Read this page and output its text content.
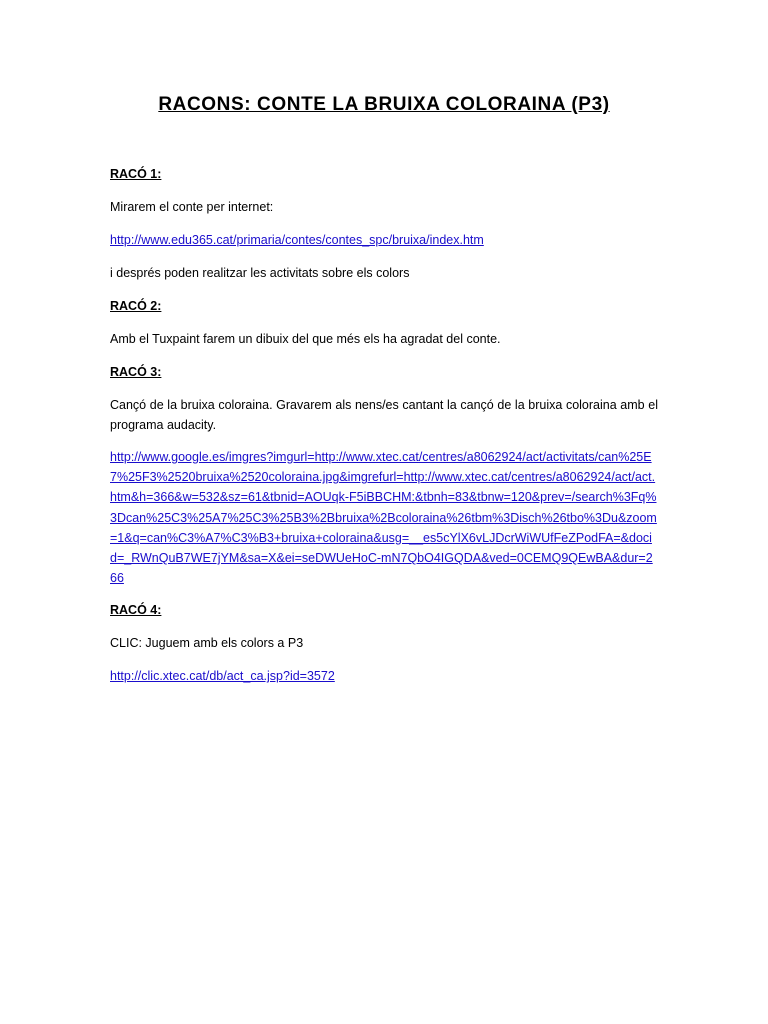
RACONS: CONTE LA BRUIXA COLORAINA (P3)
RACÓ 1:
Mirarem el conte per internet:
http://www.edu365.cat/primaria/contes/contes_spc/bruixa/index.htm
i després poden realitzar les activitats sobre els colors
RACÓ 2:
Amb el Tuxpaint farem un dibuix del que més els ha agradat del conte.
RACÓ 3:
Cançó de la bruixa coloraina. Gravarem als nens/es cantant la cançó de la bruixa coloraina amb el programa audacity.
http://www.google.es/imgres?imgurl=http://www.xtec.cat/centres/a8062924/act/activitats/can%25E7%25F3%2520bruixa%2520coloraina.jpg&imgrefurl=http://www.xtec.cat/centres/a8062924/act/act.htm&h=366&w=532&sz=61&tbnid=AOUqk-F5iBBCHM:&tbnh=83&tbnw=120&prev=/search%3Fq%3Dcan%25C3%25A7%25C3%25B3%2Bbruixa%2Bcoloraina%26tbm%3Disch%26tbo%3Du&zoom=1&q=can%C3%A7%C3%B3+bruixa+coloraina&usg=__es5cYlX6vLJDcrWiWUfFeZPodFA=&docid=_RWnQuB7WE7jYM&sa=X&ei=seDWUeHoC-mN7QbO4IGQDA&ved=0CEMQ9QEwBA&dur=266
RACÓ 4:
CLIC: Juguem amb els colors a P3
http://clic.xtec.cat/db/act_ca.jsp?id=3572
